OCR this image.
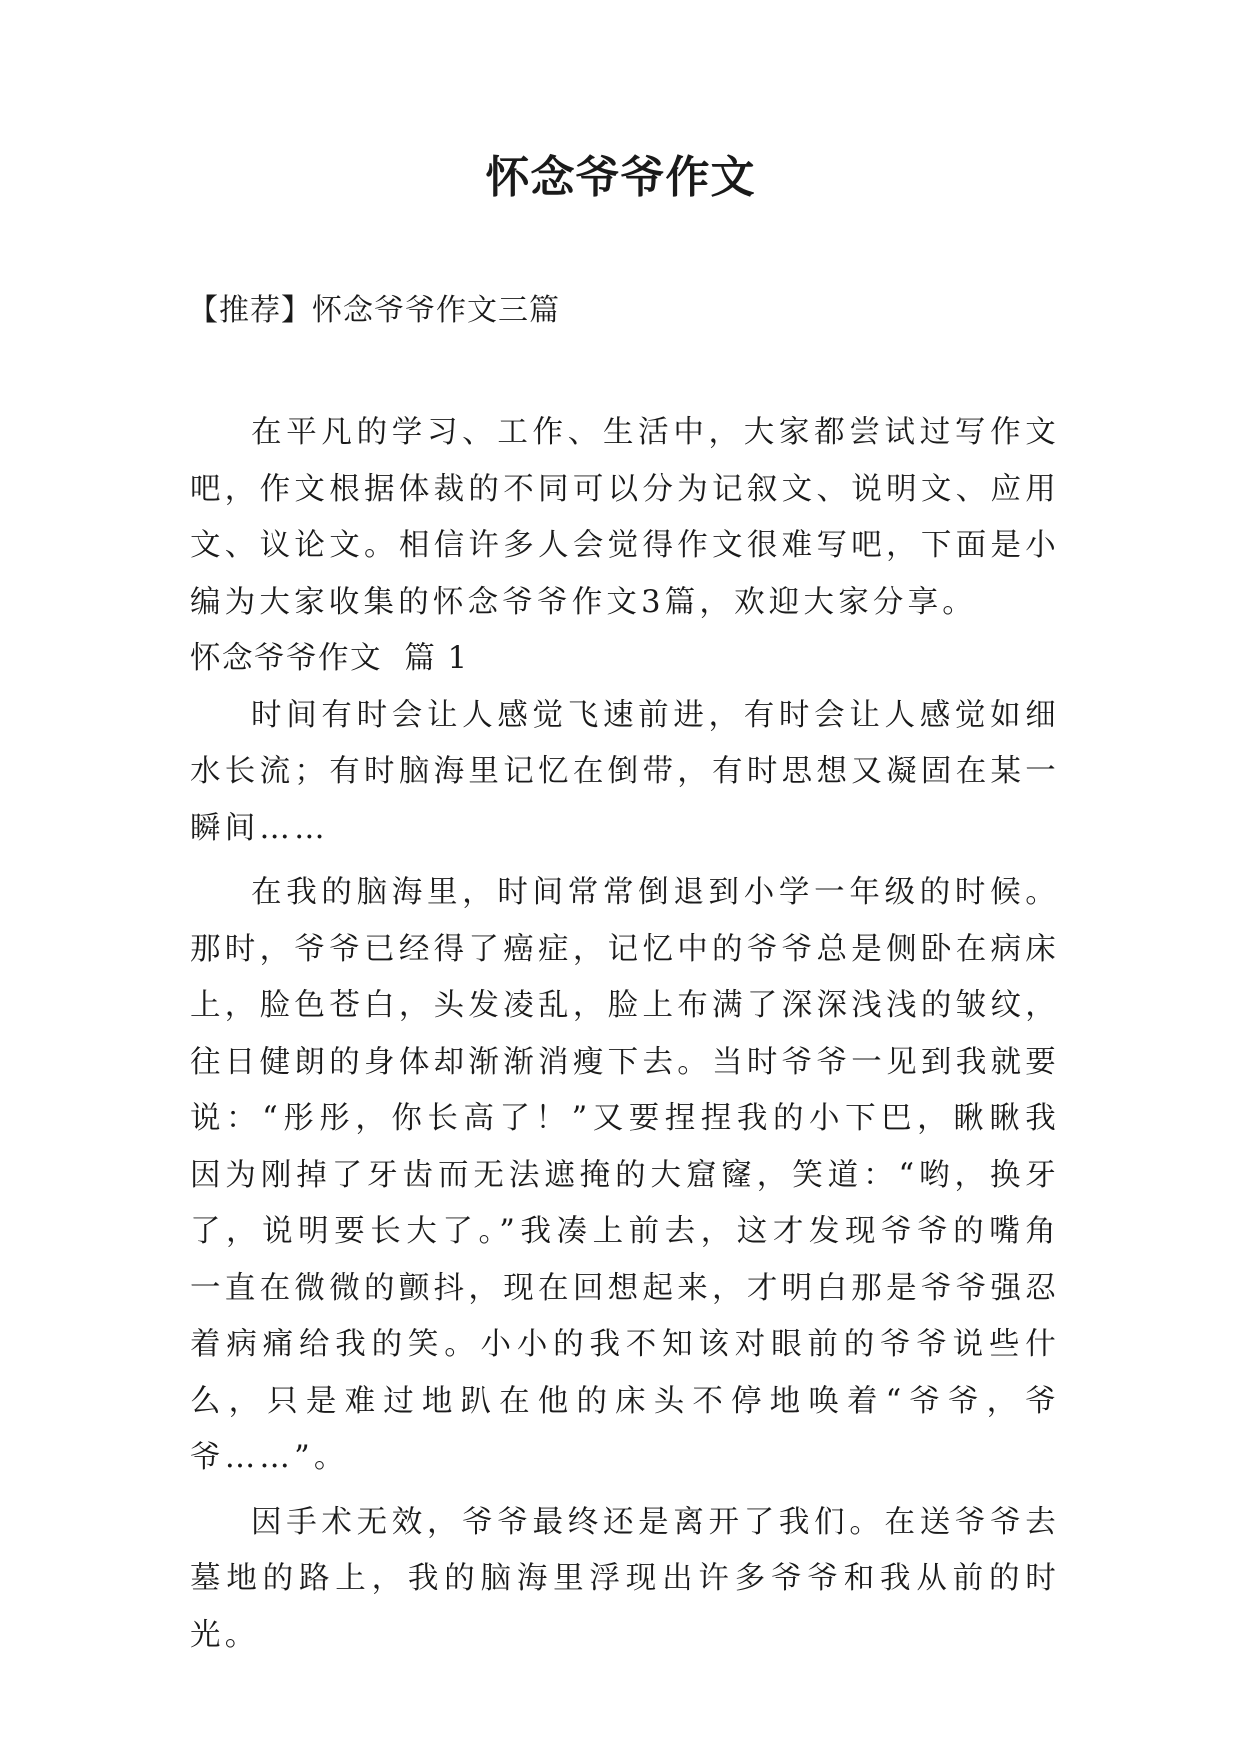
怀念爷爷作文

【推荐】怀念爷爷作文三篇

在平凡的学习、工作、生活中，大家都尝试过写作文吧，作文根据体裁的不同可以分为记叙文、说明文、应用文、议论文。相信许多人会觉得作文很难写吧，下面是小编为大家收集的怀念爷爷作文3篇，欢迎大家分享。

怀念爷爷作文  篇 1

时间有时会让人感觉飞速前进，有时会让人感觉如细水长流；有时脑海里记忆在倒带，有时思想又凝固在某一瞬间……

在我的脑海里，时间常常倒退到小学一年级的时候。那时，爷爷已经得了癌症，记忆中的爷爷总是侧卧在病床上，脸色苍白，头发凌乱，脸上布满了深深浅浅的皱纹，往日健朗的身体却渐渐消瘦下去。当时爷爷一见到我就要说：“彤彤，你长高了！”又要捏捏我的小下巴，瞅瞅我因为刚掉了牙齿而无法遮掩的大窟窿，笑道：“哟，换牙了，说明要长大了。”我凑上前去，这才发现爷爷的嘴角一直在微微的颤抖，现在回想起来，才明白那是爷爷强忍着病痛给我的笑。小小的我不知该对眼前的爷爷说些什么，只是难过地趴在他的床头不停地唤着“爷爷，爷爷……”。

因手术无效，爷爷最终还是离开了我们。在送爷爷去墓地的路上，我的脑海里浮现出许多爷爷和我从前的时光。
